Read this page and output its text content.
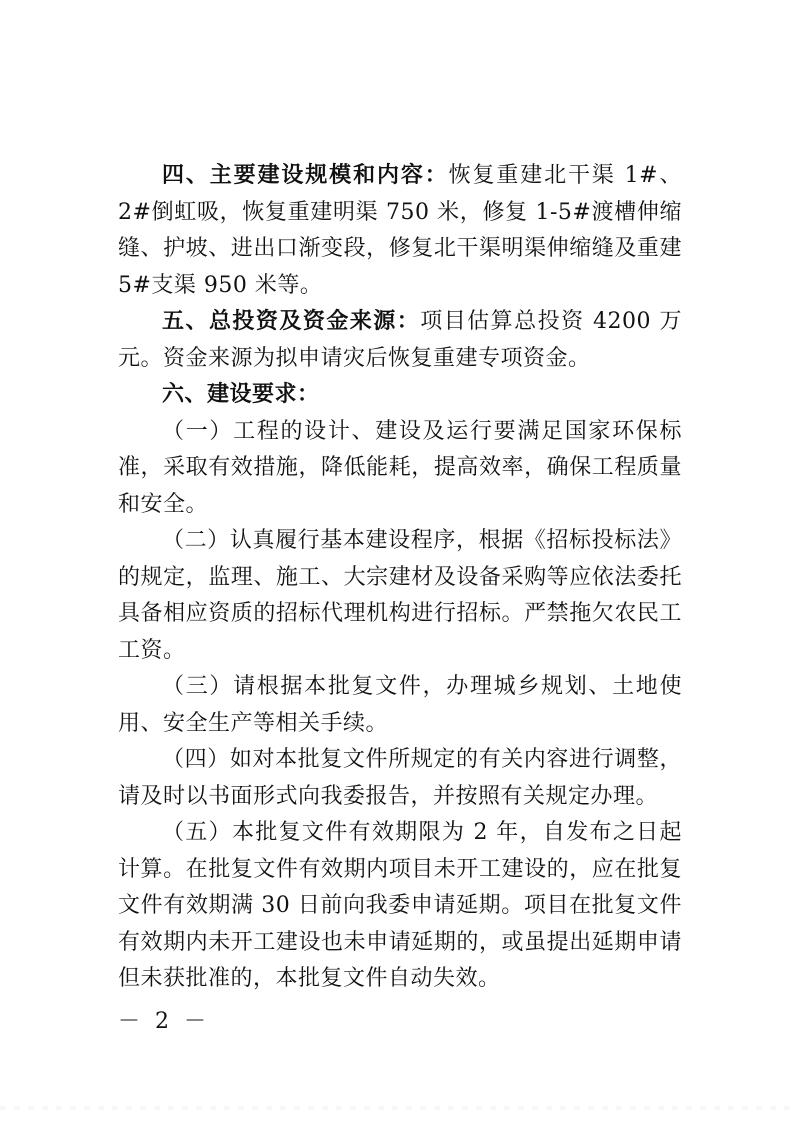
四、主要建设规模和内容：恢复重建北干渠 1#、2#倒虹吸，恢复重建明渠 750 米，修复 1-5#渡槽伸缩缝、护坡、进出口渐变段，修复北干渠明渠伸缩缝及重建 5#支渠 950 米等。

五、总投资及资金来源：项目估算总投资 4200 万元。资金来源为拟申请灾后恢复重建专项资金。

六、建设要求：

（一）工程的设计、建设及运行要满足国家环保标准，采取有效措施，降低能耗，提高效率，确保工程质量和安全。

（二）认真履行基本建设程序，根据《招标投标法》的规定，监理、施工、大宗建材及设备采购等应依法委托具备相应资质的招标代理机构进行招标。严禁拖欠农民工工资。

（三）请根据本批复文件，办理城乡规划、土地使用、安全生产等相关手续。

（四）如对本批复文件所规定的有关内容进行调整，请及时以书面形式向我委报告，并按照有关规定办理。

（五）本批复文件有效期限为 2 年，自发布之日起计算。在批复文件有效期内项目未开工建设的，应在批复文件有效期满 30 日前向我委申请延期。项目在批复文件有效期内未开工建设也未申请延期的，或虽提出延期申请但未获批准的，本批复文件自动失效。

－ 2 －
